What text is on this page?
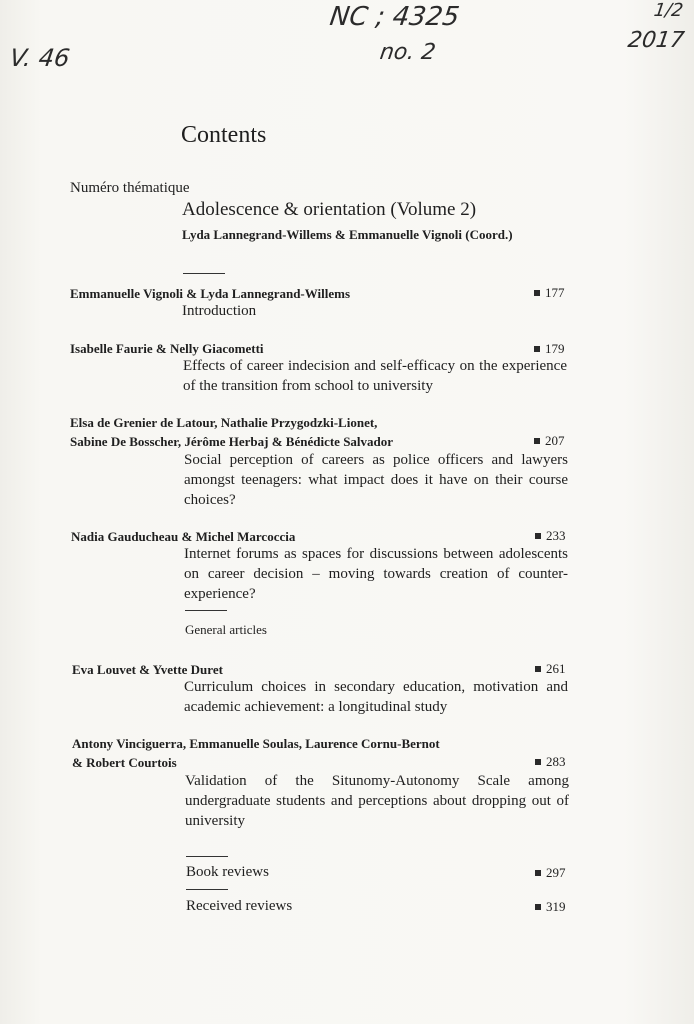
V. 46
NC ; 4325
no. 2
1/2
2017
Contents
Numéro thématique
Adolescence & orientation (Volume 2)
Lyda Lannegrand-Willems & Emmanuelle Vignoli (Coord.)
Emmanuelle Vignoli & Lyda Lannegrand-Willems	177
Introduction
Isabelle Faurie & Nelly Giacometti	179
Effects of career indecision and self-efficacy on the experience of the transition from school to university
Elsa de Grenier de Latour, Nathalie Przygodzki-Lionet,
Sabine De Bosscher, Jérôme Herbaj & Bénédicte Salvador	207
Social perception of careers as police officers and lawyers amongst teenagers: what impact does it have on their course choices?
Nadia Gauducheau & Michel Marcoccia	233
Internet forums as spaces for discussions between adolescents on career decision – moving towards creation of counter-experience?
General articles
Eva Louvet & Yvette Duret	261
Curriculum choices in secondary education, motivation and academic achievement: a longitudinal study
Antony Vinciguerra, Emmanuelle Soulas, Laurence Cornu-Bernot
& Robert Courtois	283
Validation of the Situnomy-Autonomy Scale among undergraduate students and perceptions about dropping out of university
Book reviews	297
Received reviews	319
